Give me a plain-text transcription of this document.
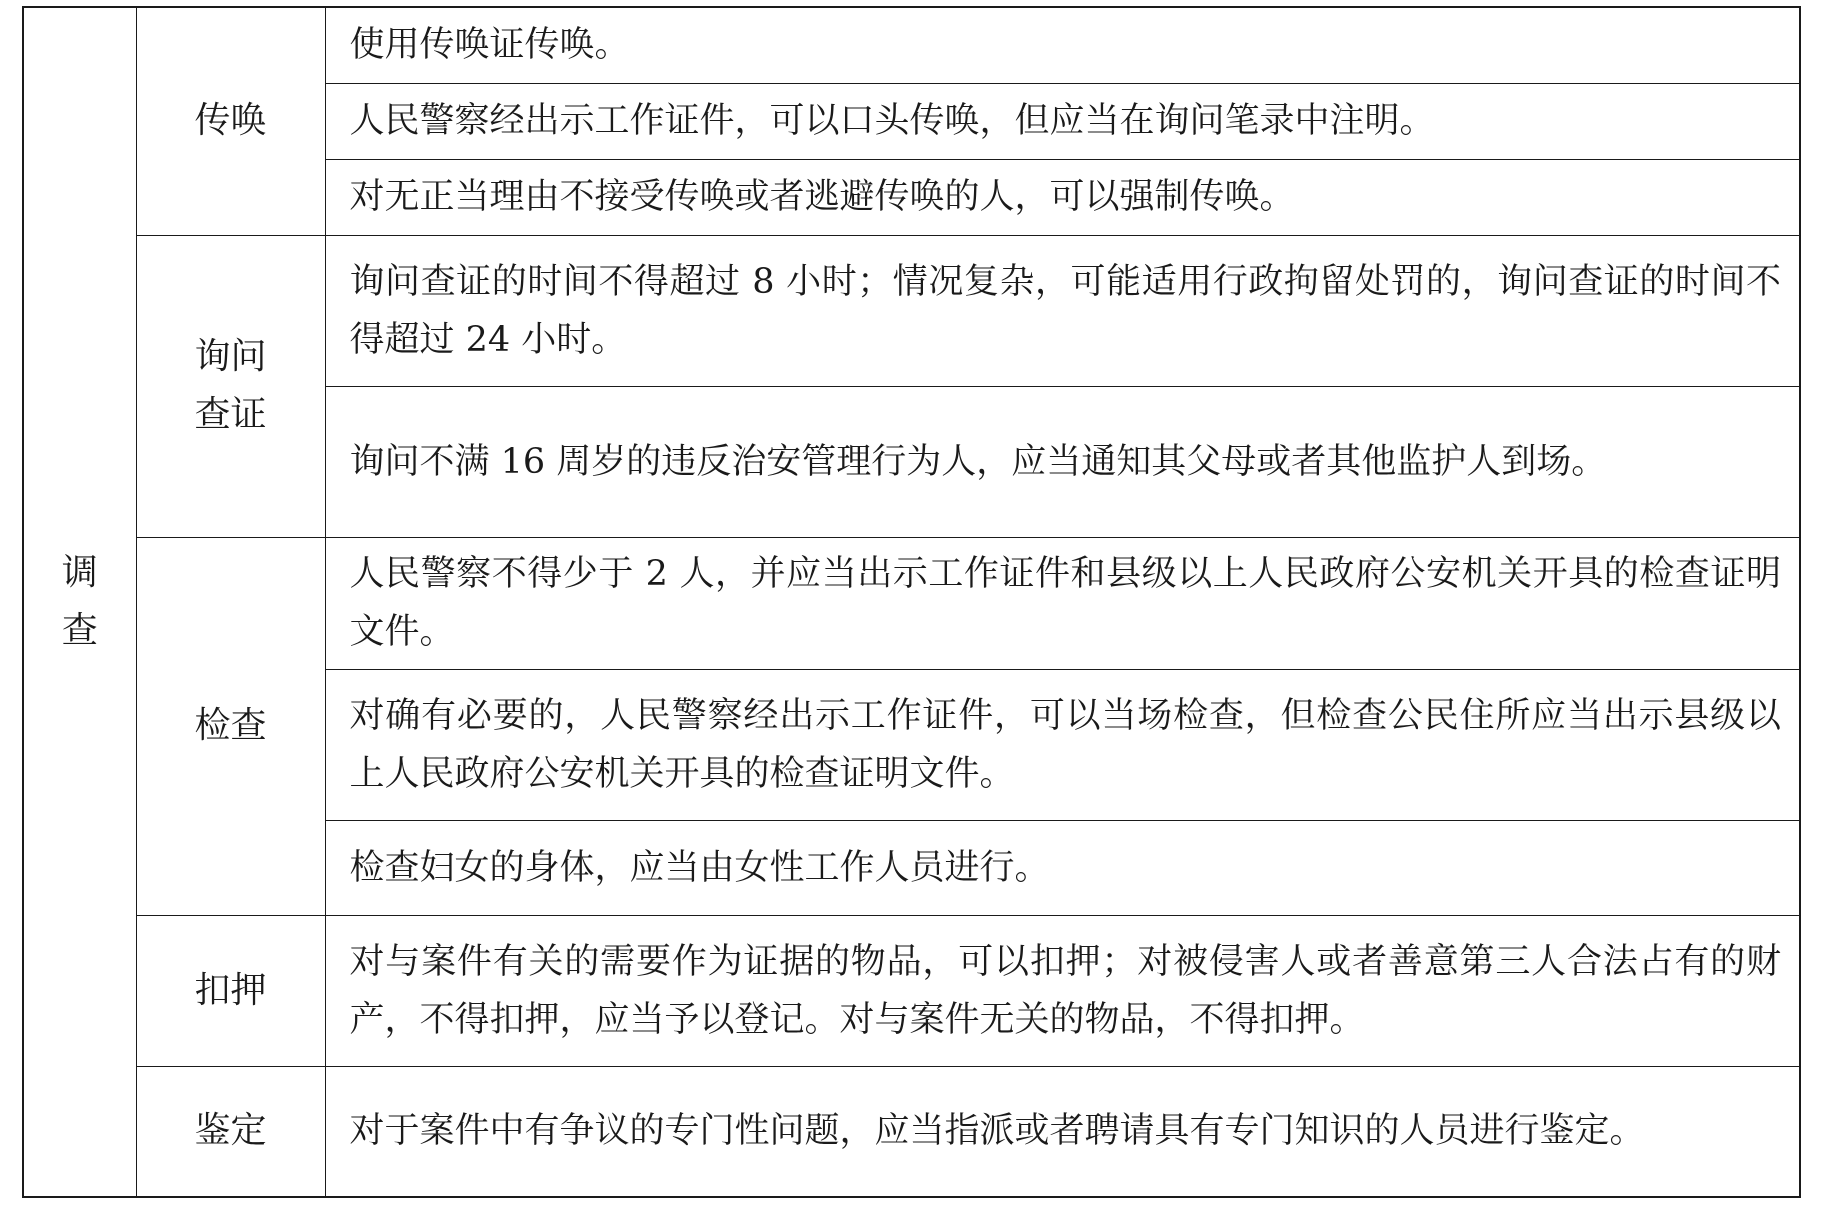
调查	传唤	使用传唤证传唤。
		人民警察经出示工作证件，可以口头传唤，但应当在询问笔录中注明。
		对无正当理由不接受传唤或者逃避传唤的人，可以强制传唤。
	询问查证	询问查证的时间不得超过 8 小时；情况复杂，可能适用行政拘留处罚的，询问查证的时间不得超过 24 小时。
		询问不满 16 周岁的违反治安管理行为人，应当通知其父母或者其他监护人到场。
	检查	人民警察不得少于 2 人，并应当出示工作证件和县级以上人民政府公安机关开具的检查证明文件。
		对确有必要的，人民警察经出示工作证件，可以当场检查，但检查公民住所应当出示县级以上人民政府公安机关开具的检查证明文件。
		检查妇女的身体，应当由女性工作人员进行。
	扣押	对与案件有关的需要作为证据的物品，可以扣押；对被侵害人或者善意第三人合法占有的财产，不得扣押，应当予以登记。对与案件无关的物品，不得扣押。
	鉴定	对于案件中有争议的专门性问题，应当指派或者聘请具有专门知识的人员进行鉴定。
